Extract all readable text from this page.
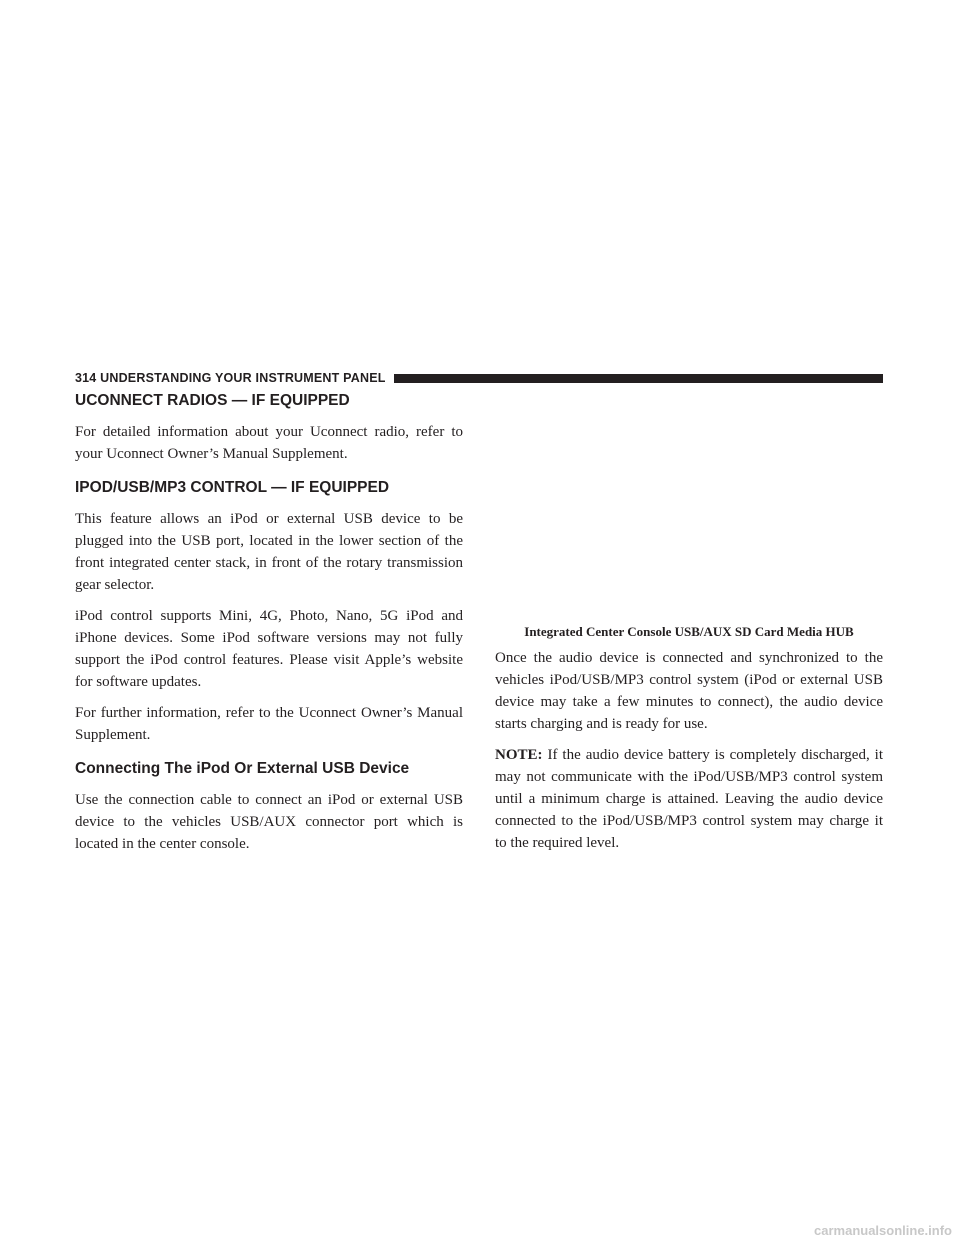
314 UNDERSTANDING YOUR INSTRUMENT PANEL
UCONNECT RADIOS — IF EQUIPPED

For detailed information about your Uconnect radio, refer to your Uconnect Owner’s Manual Supplement.

IPOD/USB/MP3 CONTROL — IF EQUIPPED

This feature allows an iPod or external USB device to be plugged into the USB port, located in the lower section of the front integrated center stack, in front of the rotary transmission gear selector.

iPod control supports Mini, 4G, Photo, Nano, 5G iPod and iPhone devices. Some iPod software versions may not fully support the iPod control features. Please visit Apple’s website for software updates.

For further information, refer to the Uconnect Owner’s Manual Supplement.

Connecting The iPod Or External USB Device

Use the connection cable to connect an iPod or external USB device to the vehicles USB/AUX connector port which is located in the center console.

Integrated Center Console USB/AUX SD Card Media HUB

Once the audio device is connected and synchronized to the vehicles iPod/USB/MP3 control system (iPod or external USB device may take a few minutes to connect), the audio device starts charging and is ready for use.

NOTE: If the audio device battery is completely discharged, it may not communicate with the iPod/USB/MP3 control system until a minimum charge is attained. Leaving the audio device connected to the iPod/USB/MP3 control system may charge it to the required level.

carmanualsonline.info
